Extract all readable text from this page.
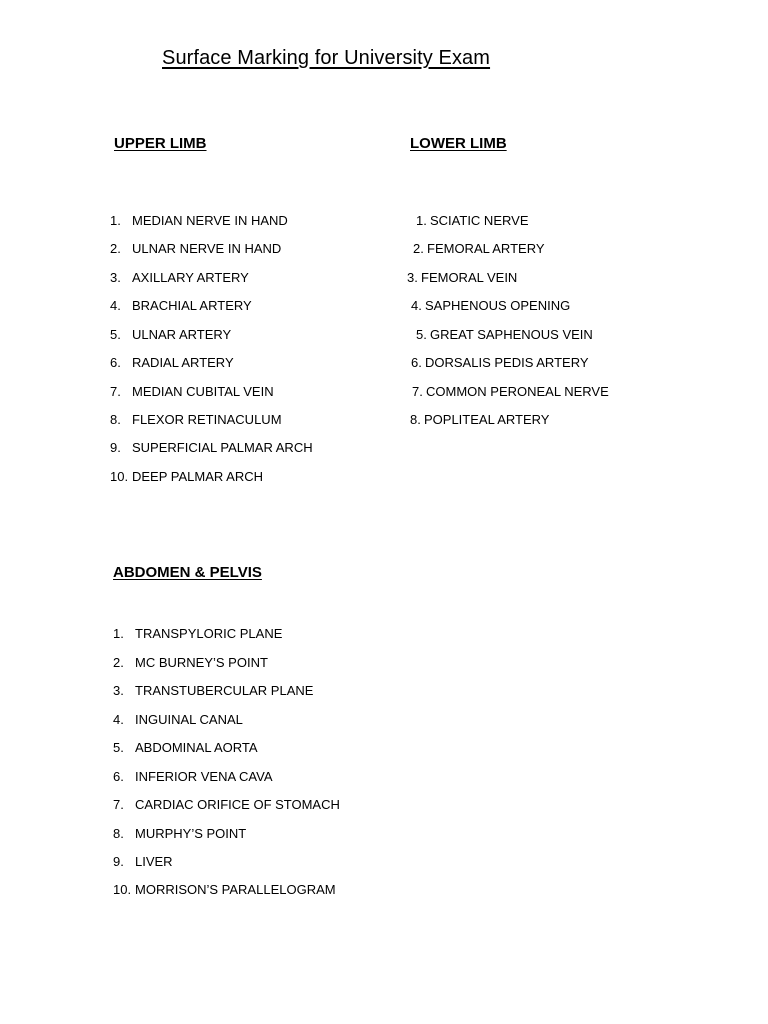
Surface Marking for University Exam
UPPER LIMB
1. MEDIAN NERVE IN HAND
2. ULNAR NERVE IN HAND
3. AXILLARY ARTERY
4. BRACHIAL ARTERY
5. ULNAR ARTERY
6. RADIAL ARTERY
7. MEDIAN CUBITAL VEIN
8. FLEXOR RETINACULUM
9. SUPERFICIAL PALMAR ARCH
10. DEEP PALMAR ARCH
LOWER LIMB
1. SCIATIC NERVE
2. FEMORAL ARTERY
3. FEMORAL VEIN
4. SAPHENOUS OPENING
5. GREAT SAPHENOUS VEIN
6. DORSALIS PEDIS ARTERY
7. COMMON PERONEAL NERVE
8. POPLITEAL ARTERY
ABDOMEN & PELVIS
1. TRANSPYLORIC PLANE
2. MC BURNEY’S POINT
3. TRANSTUBERCULAR PLANE
4. INGUINAL CANAL
5. ABDOMINAL AORTA
6. INFERIOR VENA CAVA
7. CARDIAC ORIFICE OF STOMACH
8. MURPHY’S POINT
9. LIVER
10. MORRISON’S PARALLELOGRAM
